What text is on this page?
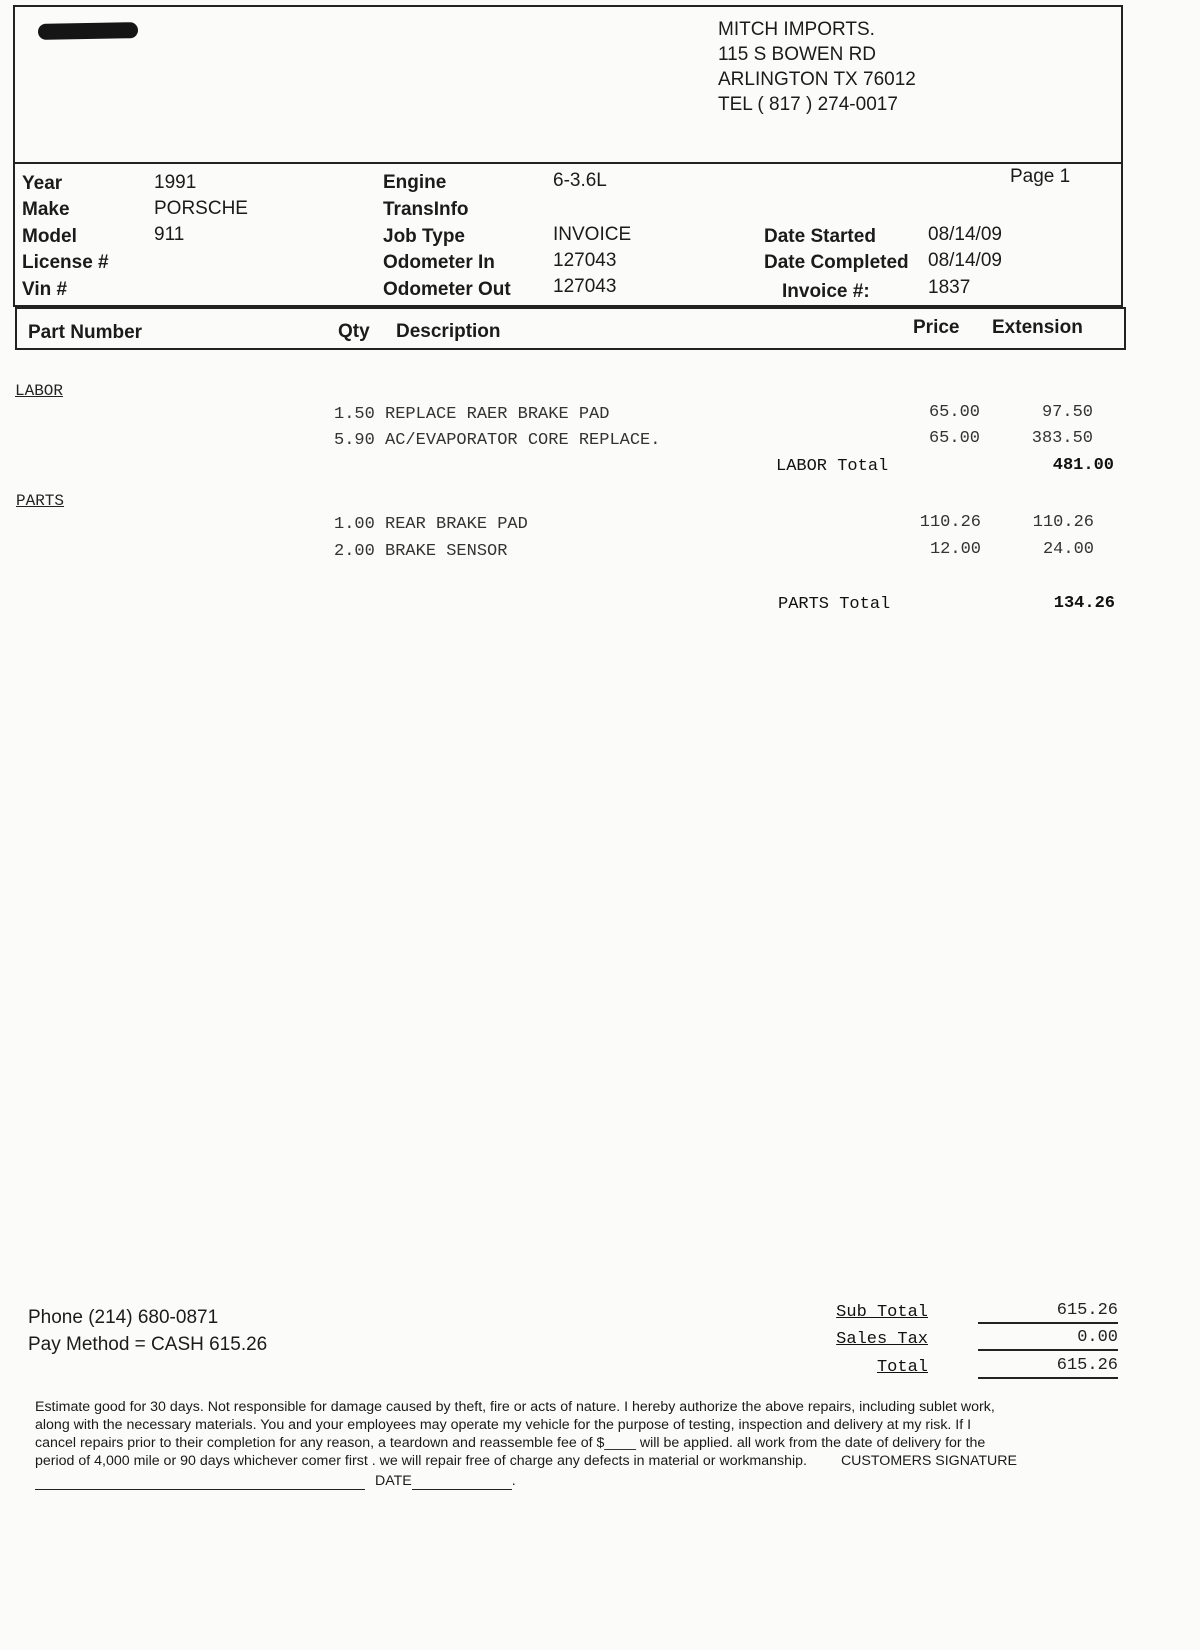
MITCH IMPORTS.
115 S BOWEN RD
ARLINGTON TX 76012
TEL ( 817 ) 274-0017
Year	1991
Make	PORSCHE
Model	911
License #
Vin #
Engine	6-3.6L
TransInfo
Job Type	INVOICE
Odometer In	127043
Odometer Out 127043
Page 1
Date Started	08/14/09
Date Completed 08/14/09
Invoice #:	1837
Part Number	Qty Description	Price Extension
LABOR
1.50 REPLACE RAER BRAKE PAD	65.00	97.50
5.90 AC/EVAPORATOR CORE REPLACE.	65.00	383.50
LABOR Total	481.00
PARTS
1.00 REAR BRAKE PAD	110.26	110.26
2.00 BRAKE SENSOR	12.00	24.00
PARTS Total	134.26
Phone (214) 680-0871
Pay Method = CASH 615.26
Sub Total	615.26
Sales Tax	0.00
Total	615.26
Estimate good for 30 days. Not responsible for damage caused by theft, fire or acts of nature. I hereby authorize the above repairs, including sublet work,
along with the necessary materials. You and your employees may operate my vehicle for the purpose of testing, inspection and delivery at my risk. If I
cancel repairs prior to their completion for any reason, a teardown and reassemble fee of $____ will be applied. all work from the date of delivery for the
period of 4,000 mile or 90 days whichever comer first . we will repair free of charge any defects in material or workmanship. CUSTOMERS SIGNATURE
DATE	.
